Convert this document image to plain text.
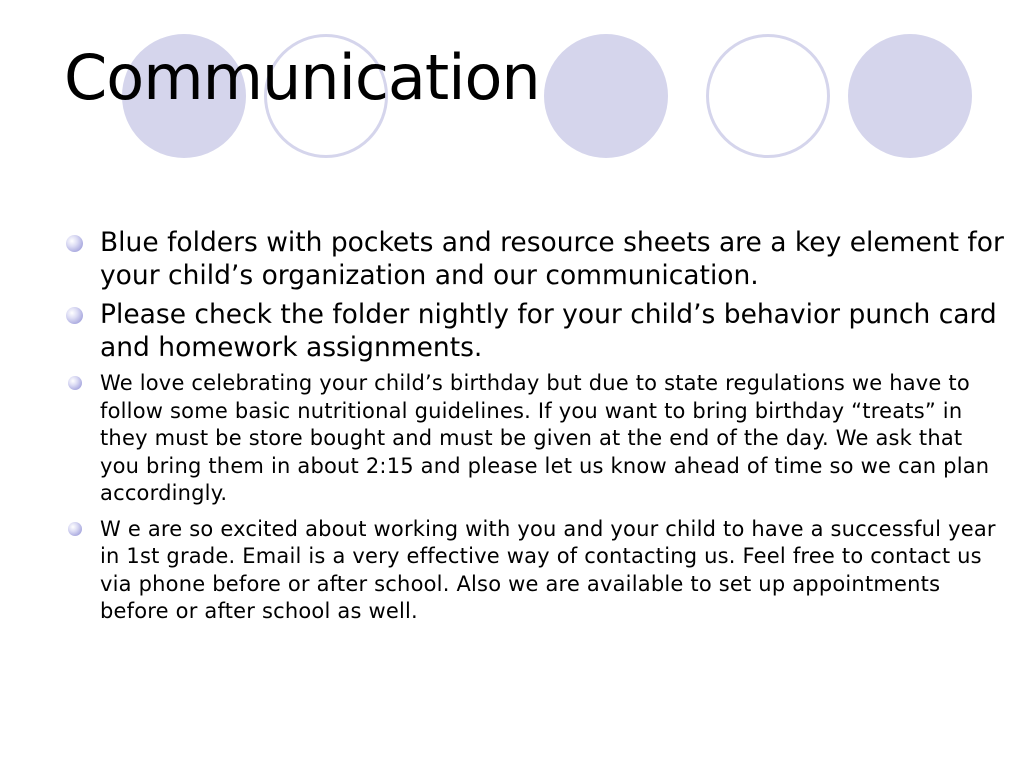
Communication
Blue folders with pockets and resource sheets are a key element for your child’s organization and our communication.
Please check the folder nightly for your child’s behavior punch card and homework assignments.
We love celebrating your child’s birthday but due to state regulations we have to follow some basic nutritional guidelines. If you want to bring birthday “treats” in they must be store bought and must be given at the end of the day. We ask that you bring them in about 2:15 and please let us know ahead of time so we can plan accordingly.
W e are so excited about working with you and your child to have a successful year in 1st grade. Email is a very effective way of contacting us. Feel free to contact us via phone before or after school. Also we are available to set up appointments before or after school as well.
